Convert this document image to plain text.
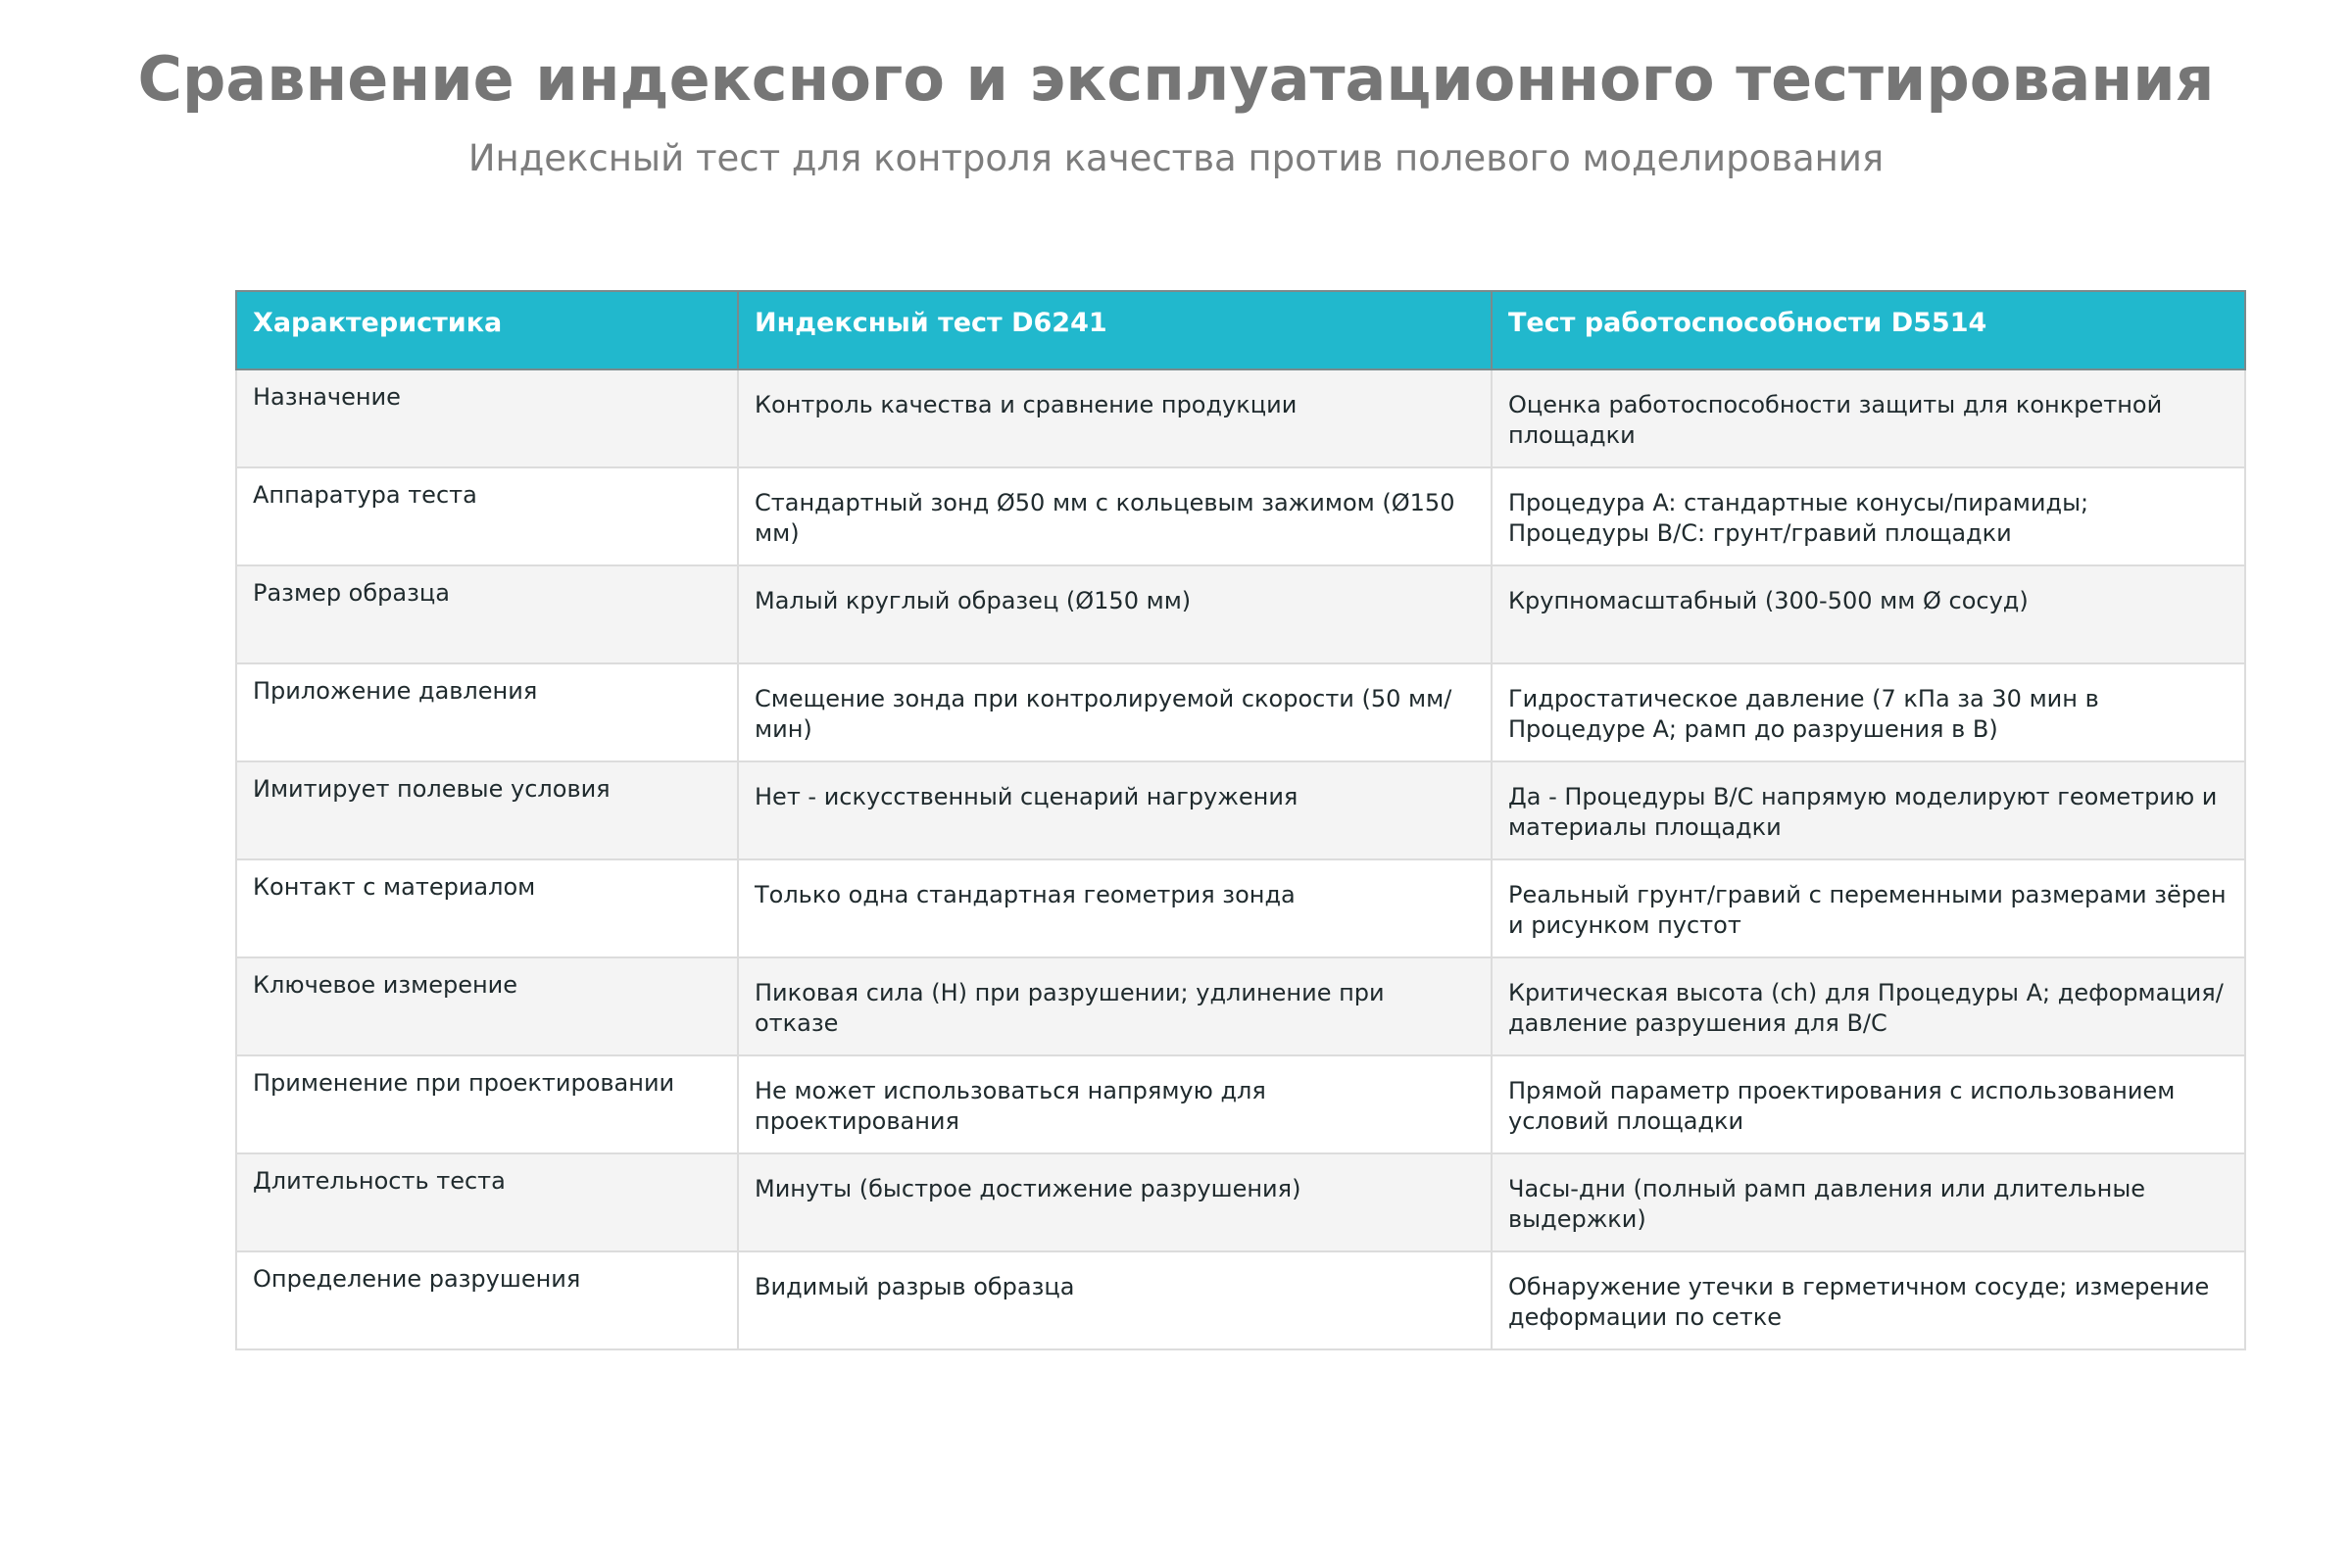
Сравнение индексного и эксплуатационного тестирования
Индексный тест для контроля качества против полевого моделирования
Характеристика	Индексный тест D6241	Тест работоспособности D5514
Назначение	Контроль качества и сравнение продукции	Оценка работоспособности защиты для конкретной площадки
Аппаратура теста	Стандартный зонд Ø50 мм с кольцевым зажимом (Ø150 мм)	Процедура A: стандартные конусы/пирамиды; Процедуры B/C: грунт/гравий площадки
Размер образца	Малый круглый образец (Ø150 мм)	Крупномасштабный (300-500 мм Ø сосуд)
Приложение давления	Смещение зонда при контролируемой скорости (50 мм/мин)	Гидростатическое давление (7 кПа за 30 мин в Процедуре A; рамп до разрушения в B)
Имитирует полевые условия	Нет - искусственный сценарий нагружения	Да - Процедуры B/C напрямую моделируют геометрию и материалы площадки
Контакт с материалом	Только одна стандартная геометрия зонда	Реальный грунт/гравий с переменными размерами зёрен и рисунком пустот
Ключевое измерение	Пиковая сила (Н) при разрушении; удлинение при отказе	Критическая высота (ch) для Процедуры A; деформация/давление разрушения для B/C
Применение при проектировании	Не может использоваться напрямую для проектирования	Прямой параметр проектирования с использованием условий площадки
Длительность теста	Минуты (быстрое достижение разрушения)	Часы-дни (полный рамп давления или длительные выдержки)
Определение разрушения	Видимый разрыв образца	Обнаружение утечки в герметичном сосуде; измерение деформации по сетке
